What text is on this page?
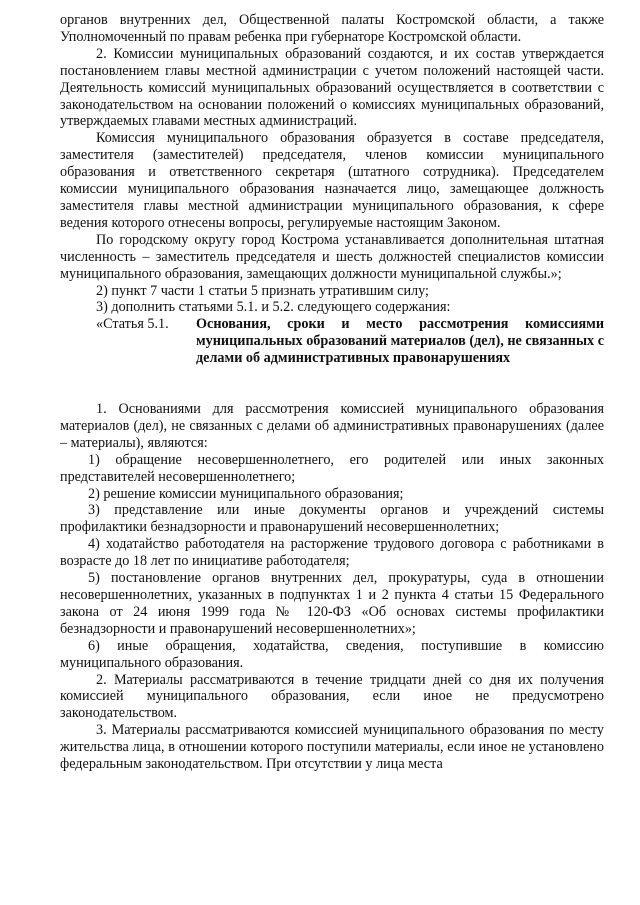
органов внутренних дел, Общественной палаты Костромской области, а также Уполномоченный по правам ребенка при губернаторе Костромской области.

2. Комиссии муниципальных образований создаются, и их состав утверждается постановлением главы местной администрации с учетом положений настоящей части. Деятельность комиссий муниципальных образований осуществляется в соответствии с законодательством на основании положений о комиссиях муниципальных образований, утверждаемых главами местных администраций.

Комиссия муниципального образования образуется в составе председателя, заместителя (заместителей) председателя, членов комиссии муниципального образования и ответственного секретаря (штатного сотрудника). Председателем комиссии муниципального образования назначается лицо, замещающее должность заместителя главы местной администрации муниципального образования, к сфере ведения которого отнесены вопросы, регулируемые настоящим Законом.

По городскому округу город Кострома устанавливается дополнительная штатная численность – заместитель председателя и шесть должностей специалистов комиссии муниципального образования, замещающих должности муниципальной службы.»;

2) пункт 7 части 1 статьи 5 признать утратившим силу;

3) дополнить статьями 5.1. и 5.2. следующего содержания:

«Статья 5.1.	Основания, сроки и место рассмотрения комиссиями муниципальных образований материалов (дел), не связанных с делами об административных правонарушениях

1. Основаниями для рассмотрения комиссией муниципального образования материалов (дел), не связанных с делами об административных правонарушениях (далее – материалы), являются:

1) обращение несовершеннолетнего, его родителей или иных законных представителей несовершеннолетнего;

2) решение комиссии муниципального образования;

3) представление или иные документы органов и учреждений системы профилактики безнадзорности и правонарушений несовершеннолетних;

4) ходатайство работодателя на расторжение трудового договора с работниками в возрасте до 18 лет по инициативе работодателя;

5) постановление органов внутренних дел, прокуратуры, суда в отношении несовершеннолетних, указанных в подпунктах 1 и 2 пункта 4 статьи 15 Федерального закона от 24 июня 1999 года № 120-ФЗ «Об основах системы профилактики безнадзорности и правонарушений несовершеннолетних»;

6) иные обращения, ходатайства, сведения, поступившие в комиссию муниципального образования.

2. Материалы рассматриваются в течение тридцати дней со дня их получения комиссией муниципального образования, если иное не предусмотрено законодательством.

3. Материалы рассматриваются комиссией муниципального образования по месту жительства лица, в отношении которого поступили материалы, если иное не установлено федеральным законодательством. При отсутствии у лица места
